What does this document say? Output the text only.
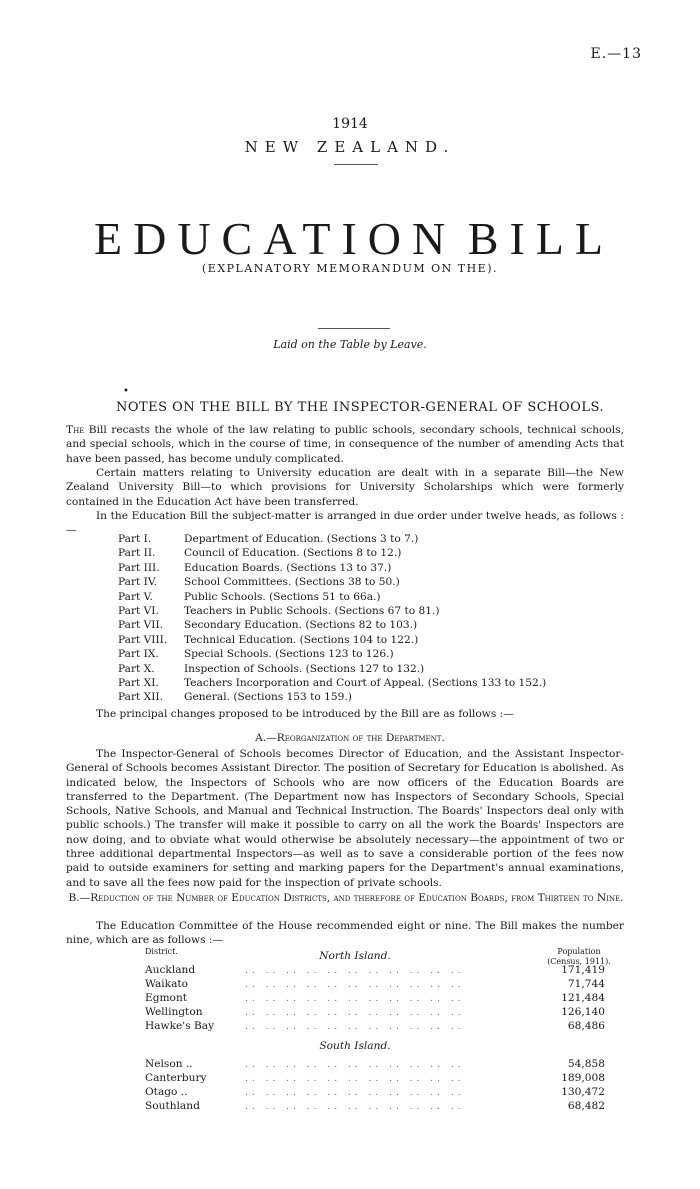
E.—13
1914
NEW ZEALAND.
EDUCATION BILL
(EXPLANATORY MEMORANDUM ON THE).
Laid on the Table by Leave.
•
NOTES ON THE BILL BY THE INSPECTOR-GENERAL OF SCHOOLS.
The Bill recasts the whole of the law relating to public schools, secondary schools, technical schools, and special schools, which in the course of time, in consequence of the number of amending Acts that have been passed, has become unduly complicated.
Certain matters relating to University education are dealt with in a separate Bill—the New Zealand University Bill—to which provisions for University Scholarships which were formerly contained in the Education Act have been transferred.
In the Education Bill the subject-matter is arranged in due order under twelve heads, as follows :—
Part I.	Department of Education. (Sections 3 to 7.)
Part II.	Council of Education. (Sections 8 to 12.)
Part III.	Education Boards. (Sections 13 to 37.)
Part IV.	School Committees. (Sections 38 to 50.)
Part V.	Public Schools. (Sections 51 to 66a.)
Part VI.	Teachers in Public Schools. (Sections 67 to 81.)
Part VII.	Secondary Education. (Sections 82 to 103.)
Part VIII.	Technical Education. (Sections 104 to 122.)
Part IX.	Special Schools. (Sections 123 to 126.)
Part X.	Inspection of Schools. (Sections 127 to 132.)
Part XI.	Teachers Incorporation and Court of Appeal. (Sections 133 to 152.)
Part XII.	General. (Sections 153 to 159.)
The principal changes proposed to be introduced by the Bill are as follows :—
A.—Reorganization of the Department.
The Inspector-General of Schools becomes Director of Education, and the Assistant Inspector-General of Schools becomes Assistant Director. The position of Secretary for Education is abolished. As indicated below, the Inspectors of Schools who are now officers of the Education Boards are transferred to the Department. (The Department now has Inspectors of Secondary Schools, Special Schools, Native Schools, and Manual and Technical Instruction. The Boards' Inspectors deal only with public schools.) The transfer will make it possible to carry on all the work the Boards' Inspectors are now doing, and to obviate what would otherwise be absolutely necessary—the appointment of two or three additional departmental Inspectors—as well as to save a considerable portion of the fees now paid to outside examiners for setting and marking papers for the Department's annual examinations, and to save all the fees now paid for the inspection of private schools.
B.—Reduction of the Number of Education Districts, and therefore of Education Boards, from Thirteen to Nine.
The Education Committee of the House recommended eight or nine. The Bill makes the number nine, which are as follows :—
District.	Population (Census, 1911).
North Island.
Auckland	.. .. .. .. .. .. .. .. .. .. ..	171,419
Waikato	.. .. .. .. .. .. .. .. .. .. ..	71,744
Egmont	.. .. .. .. .. .. .. .. .. .. ..	121,484
Wellington	.. .. .. .. .. .. .. .. .. .. ..	126,140
Hawke's Bay	.. .. .. .. .. .. .. .. .. .. ..	68,486
South Island.
Nelson ..	.. .. .. .. .. .. .. .. .. .. ..	54,858
Canterbury	.. .. .. .. .. .. .. .. .. .. ..	189,008
Otago ..	.. .. .. .. .. .. .. .. .. .. ..	130,472
Southland	.. .. .. .. .. .. .. .. .. .. ..	68,482
